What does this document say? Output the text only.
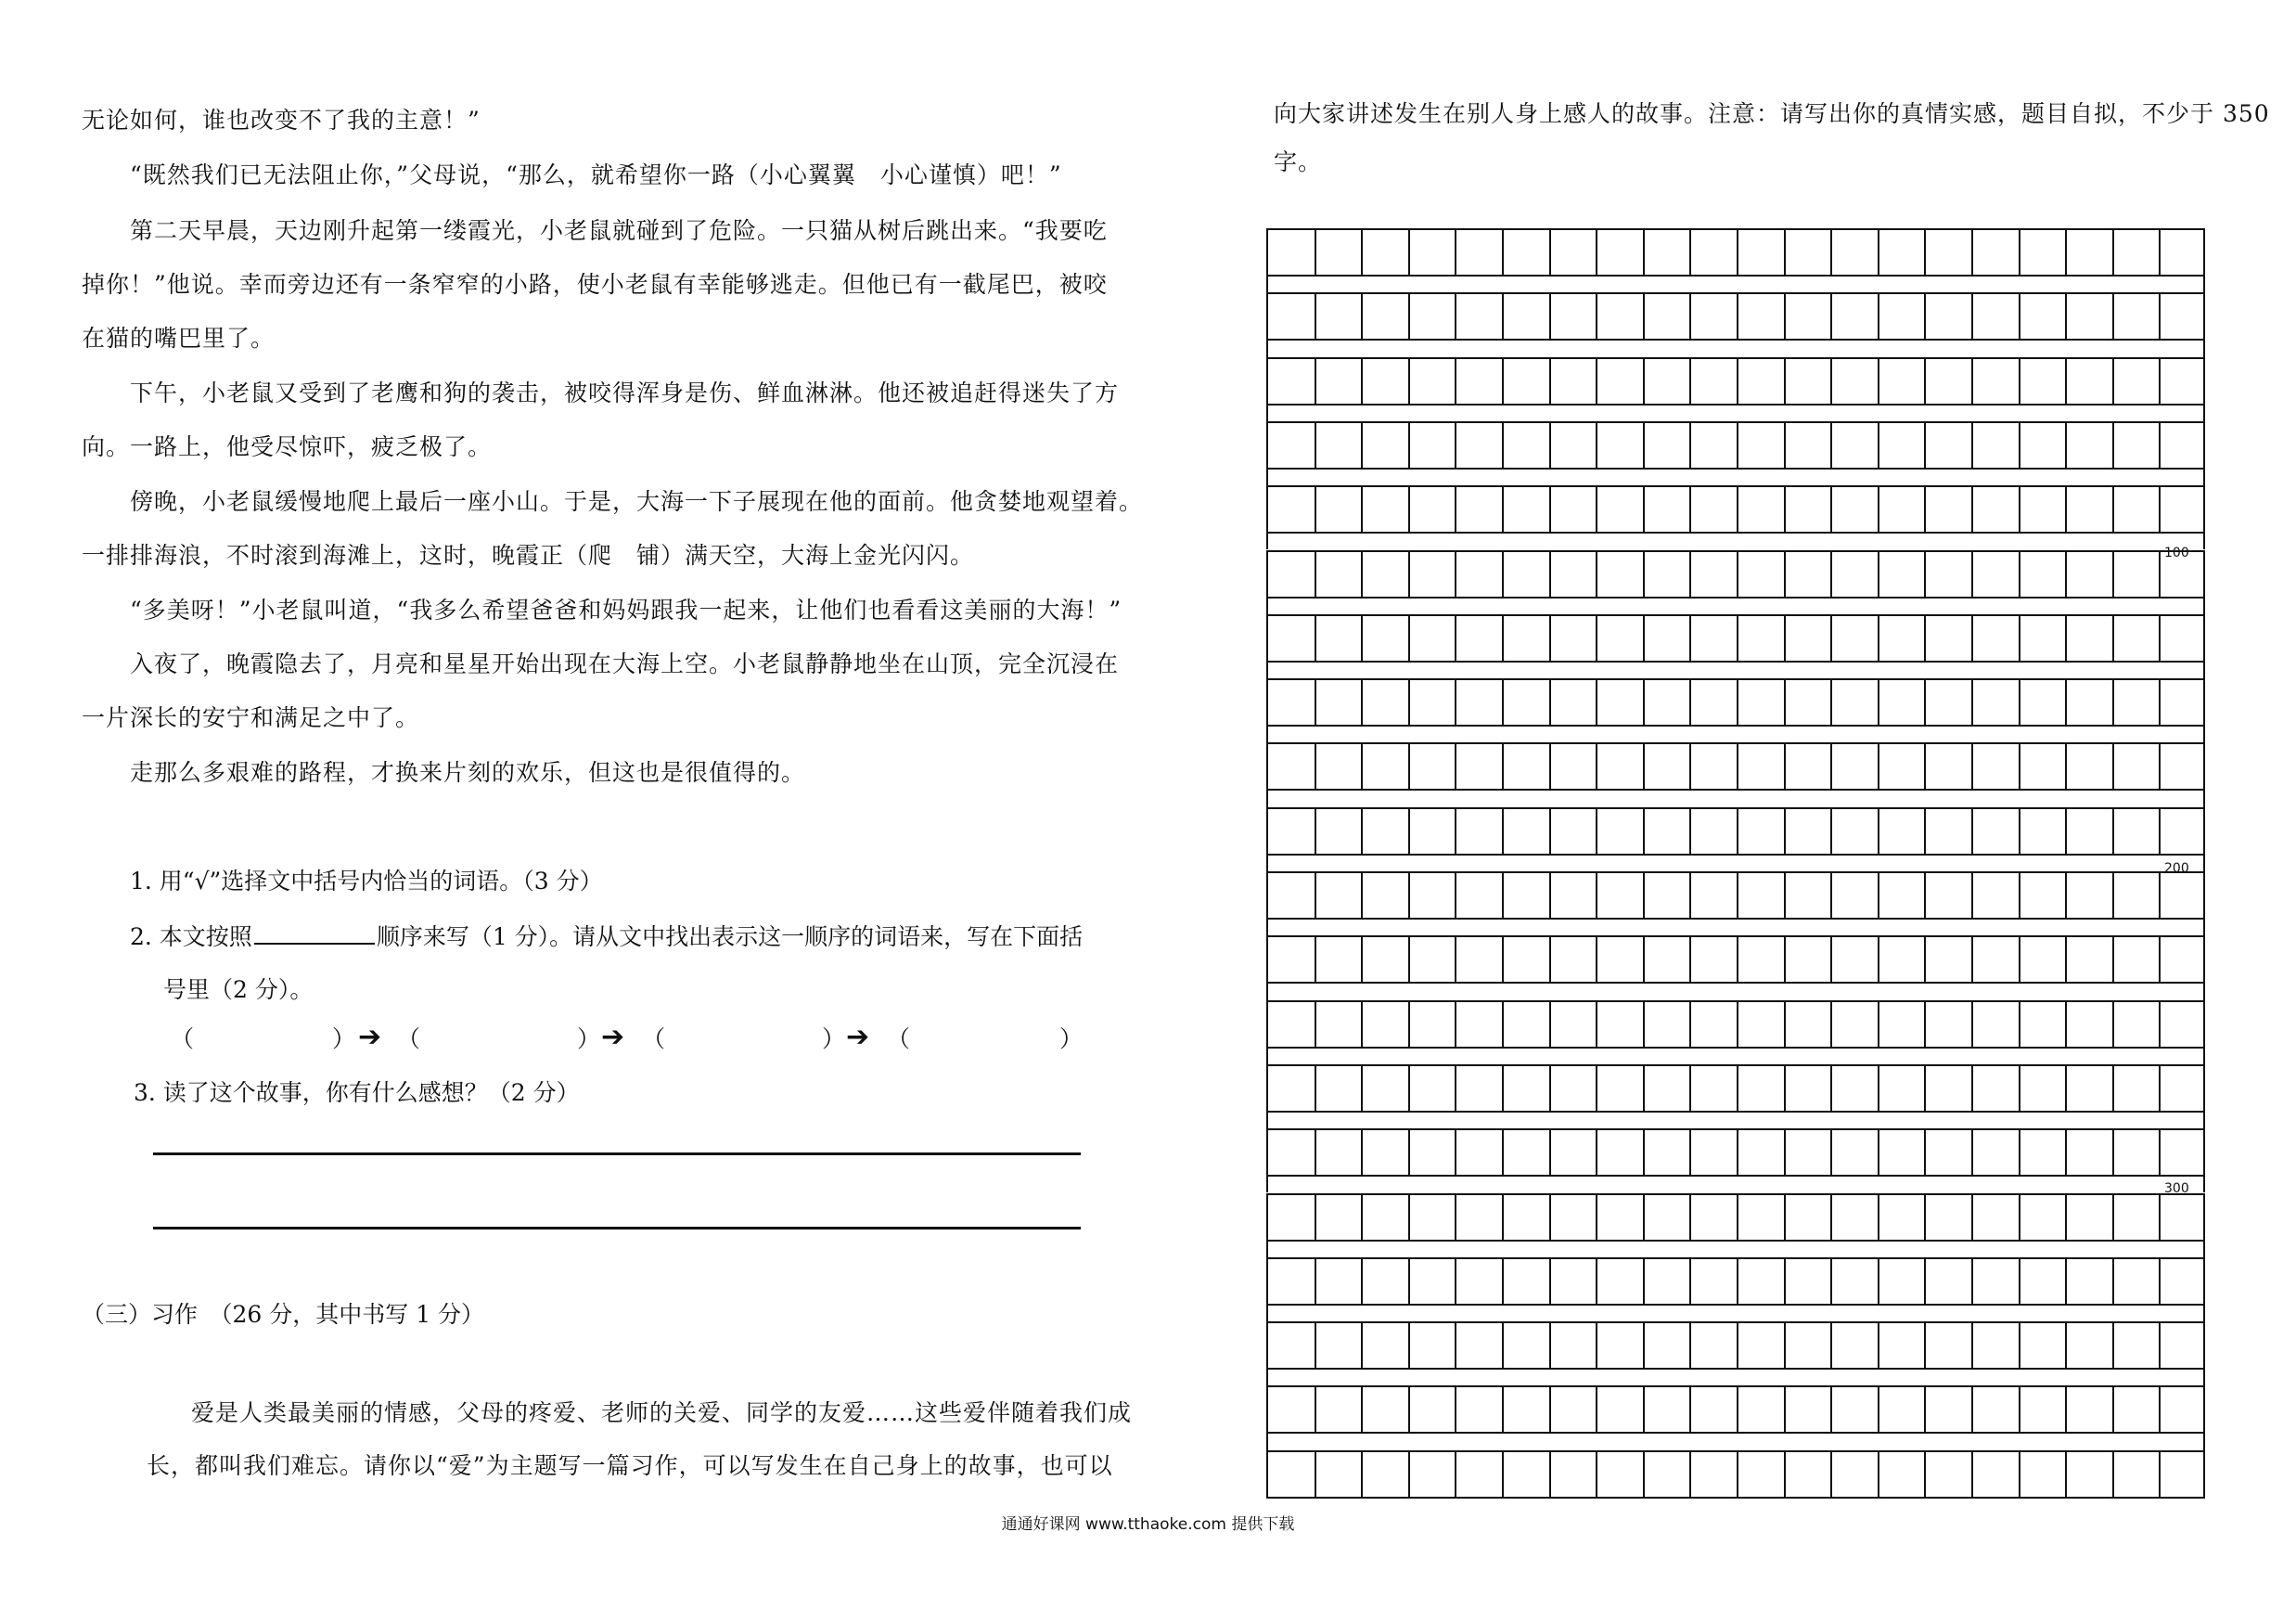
无论如何，谁也改变不了我的主意！”
“既然我们已无法阻止你，”父母说，“那么，就希望你一路（小心翼翼　小心谨慎）吧！”
第二天早晨，天边刚升起第一缕霞光，小老鼠就碰到了危险。一只猫从树后跳出来。“我要吃
掉你！”他说。幸而旁边还有一条窄窄的小路，使小老鼠有幸能够逃走。但他已有一截尾巴，被咬
在猫的嘴巴里了。
下午，小老鼠又受到了老鹰和狗的袭击，被咬得浑身是伤、鲜血淋淋。他还被追赶得迷失了方
向。一路上，他受尽惊吓，疲乏极了。
傍晚，小老鼠缓慢地爬上最后一座小山。于是，大海一下子展现在他的面前。他贪婪地观望着。
一排排海浪，不时滚到海滩上，这时，晚霞正（爬　铺）满天空，大海上金光闪闪。
“多美呀！”小老鼠叫道，“我多么希望爸爸和妈妈跟我一起来，让他们也看看这美丽的大海！”
入夜了，晚霞隐去了，月亮和星星开始出现在大海上空。小老鼠静静地坐在山顶，完全沉浸在
一片深长的安宁和满足之中了。
走那么多艰难的路程，才换来片刻的欢乐，但这也是很值得的。
1. 用“√”选择文中括号内恰当的词语。（3 分）
2. 本文按照	顺序来写（1 分）。请从文中找出表示这一顺序的词语来，写在下面括
号里（2 分）。
（	） ➔ （	） ➔ （	） ➔ （	）
3. 读了这个故事，你有什么感想？（2 分）
（三）习作　（26 分，其中书写 1 分）
爱是人类最美丽的情感，父母的疼爱、老师的关爱、同学的友爱……这些爱伴随着我们成
长，都叫我们难忘。请你以“爱”为主题写一篇习作，可以写发生在自己身上的故事，也可以
向大家讲述发生在别人身上感人的故事。注意：请写出你的真情实感，题目自拟，不少于 350
字。
100
200
300
通通好课网 www.tthaoke.com 提供下载
